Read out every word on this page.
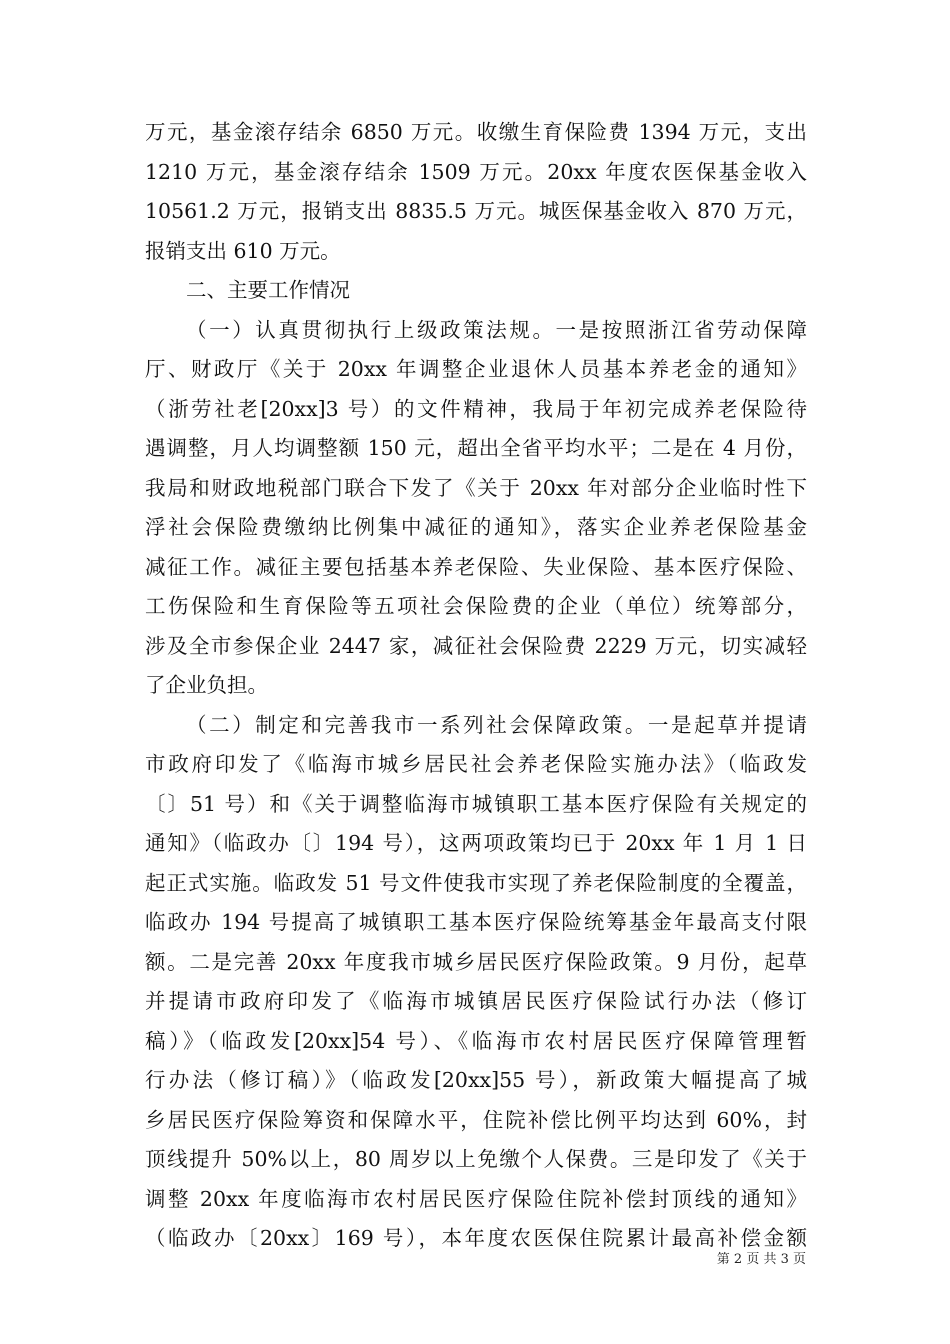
万元，基金滚存结余 6850 万元。收缴生育保险费 1394 万元，支出
1210 万元，基金滚存结余 1509 万元。20xx 年度农医保基金收入
10561.2 万元，报销支出 8835.5 万元。城医保基金收入 870 万元，
报销支出 610 万元。
二、主要工作情况
（一）认真贯彻执行上级政策法规。一是按照浙江省劳动保障
厅、财政厅《关于 20xx 年调整企业退休人员基本养老金的通知》
（浙劳社老[20xx]3 号）的文件精神，我局于年初完成养老保险待
遇调整，月人均调整额 150 元，超出全省平均水平；二是在 4 月份，
我局和财政地税部门联合下发了《关于 20xx 年对部分企业临时性下
浮社会保险费缴纳比例集中减征的通知》，落实企业养老保险基金
减征工作。减征主要包括基本养老保险、失业保险、基本医疗保险、
工伤保险和生育保险等五项社会保险费的企业（单位）统筹部分，
涉及全市参保企业 2447 家，减征社会保险费 2229 万元，切实减轻
了企业负担。
（二）制定和完善我市一系列社会保障政策。一是起草并提请
市政府印发了《临海市城乡居民社会养老保险实施办法》（临政发
〔〕51 号）和《关于调整临海市城镇职工基本医疗保险有关规定的
通知》（临政办〔〕194 号），这两项政策均已于 20xx 年 1 月 1 日
起正式实施。临政发 51 号文件使我市实现了养老保险制度的全覆盖，
临政办 194 号提高了城镇职工基本医疗保险统筹基金年最高支付限
额。二是完善 20xx 年度我市城乡居民医疗保险政策。9 月份，起草
并提请市政府印发了《临海市城镇居民医疗保险试行办法（修订
稿）》（临政发[20xx]54 号）、《临海市农村居民医疗保障管理暂
行办法（修订稿）》（临政发[20xx]55 号），新政策大幅提高了城
乡居民医疗保险筹资和保障水平，住院补偿比例平均达到 60%，封
顶线提升 50%以上，80 周岁以上免缴个人保费。三是印发了《关于
调整 20xx 年度临海市农村居民医疗保险住院补偿封顶线的通知》
（临政办〔20xx〕169 号），本年度农医保住院累计最高补偿金额
第 2 页 共 3 页
